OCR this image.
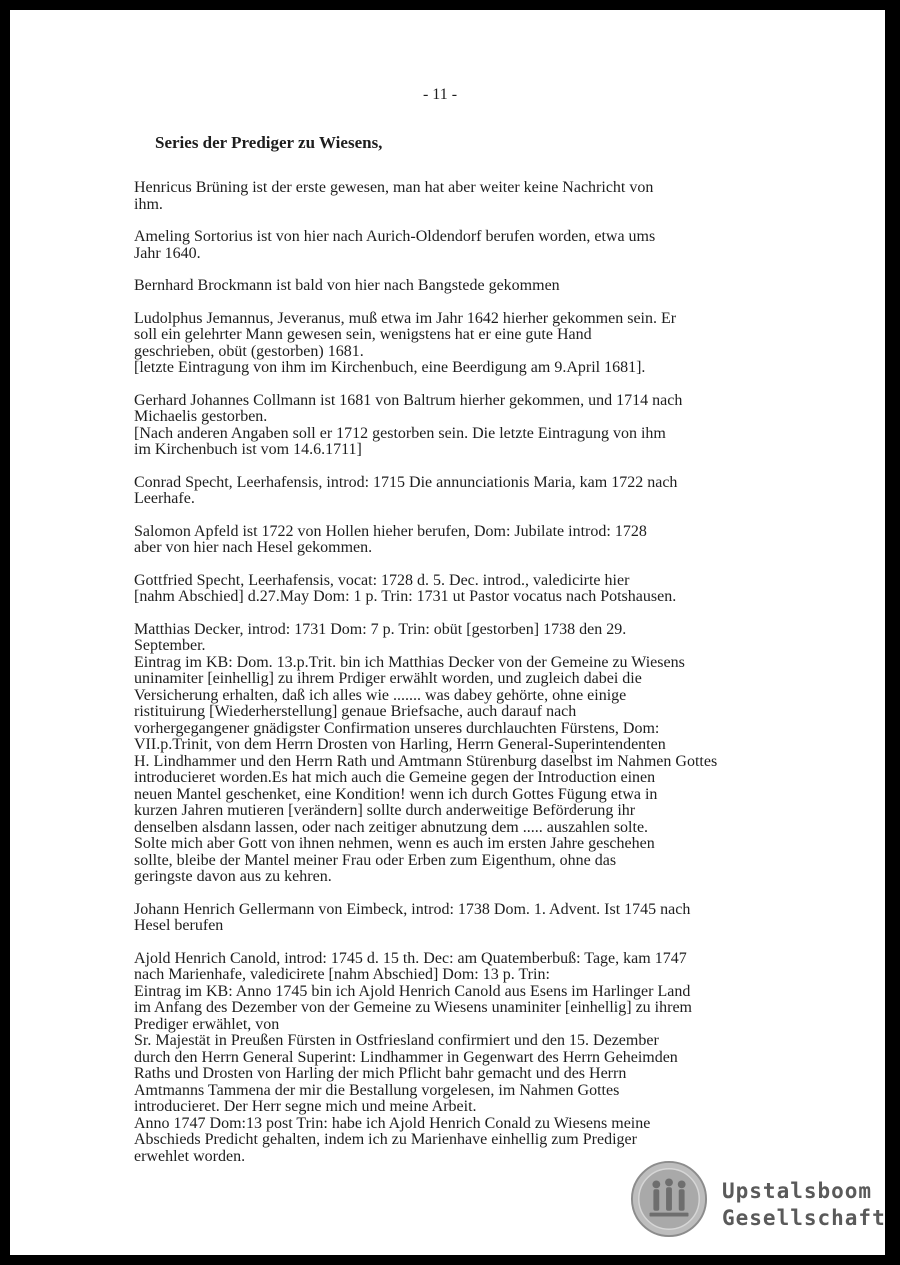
- 11 -
Series der Prediger zu Wiesens,
Henricus Brüning ist der erste gewesen, man hat aber weiter keine Nachricht von
ihm.
Ameling Sortorius ist von hier nach Aurich-Oldendorf berufen worden, etwa ums
Jahr 1640.
Bernhard Brockmann ist bald von hier nach Bangstede gekommen
Ludolphus Jemannus, Jeveranus, muß etwa im Jahr 1642 hierher gekommen sein. Er
soll ein gelehrter Mann gewesen sein, wenigstens hat er eine gute Hand
geschrieben, obüt (gestorben) 1681.
[letzte Eintragung von ihm im Kirchenbuch, eine Beerdigung am 9.April 1681].
Gerhard Johannes Collmann ist 1681 von Baltrum hierher gekommen, und 1714 nach
Michaelis gestorben.
[Nach anderen Angaben soll er 1712 gestorben sein. Die letzte Eintragung von ihm
im Kirchenbuch ist vom 14.6.1711]
Conrad Specht, Leerhafensis, introd: 1715 Die annunciationis Maria, kam 1722 nach
Leerhafe.
Salomon Apfeld ist 1722 von Hollen hieher berufen, Dom: Jubilate introd: 1728
aber von hier nach Hesel gekommen.
Gottfried Specht, Leerhafensis, vocat: 1728 d. 5. Dec. introd., valedicirte hier
[nahm Abschied] d.27.May Dom: 1 p. Trin: 1731 ut Pastor vocatus nach Potshausen.
Matthias Decker, introd: 1731 Dom: 7 p. Trin: obüt [gestorben] 1738 den 29.
September.
Eintrag im KB: Dom. 13.p.Trit. bin ich Matthias Decker von der Gemeine zu Wiesens
uninamiter [einhellig] zu ihrem Prdiger erwählt worden, und zugleich dabei die
Versicherung erhalten, daß ich alles wie ....... was dabey gehörte, ohne einige
ristituirung [Wiederherstellung] genaue Briefsache, auch darauf nach
vorhergegangener gnädigster Confirmation unseres durchlauchten Fürstens, Dom:
VII.p.Trinit, von dem Herrn Drosten von Harling, Herrn General-Superintendenten
H. Lindhammer und den Herrn Rath und Amtmann Stürenburg daselbst im Nahmen Gottes
introducieret worden.Es hat mich auch die Gemeine gegen der Introduction einen
neuen Mantel geschenket, eine Kondition! wenn ich durch Gottes Fügung etwa in
kurzen Jahren mutieren [verändern] sollte durch anderweitige Beförderung ihr
denselben alsdann lassen, oder nach zeitiger abnutzung dem ..... auszahlen solte.
Solte mich aber Gott von ihnen nehmen, wenn es auch im ersten Jahre geschehen
sollte, bleibe der Mantel meiner Frau oder Erben zum Eigenthum, ohne das
geringste davon aus zu kehren.
Johann Henrich Gellermann von Eimbeck, introd: 1738 Dom. 1. Advent. Ist 1745 nach
Hesel berufen
Ajold Henrich Canold, introd: 1745 d. 15 th. Dec: am Quatemberbuß: Tage, kam 1747
nach Marienhafe, valedicirete [nahm Abschied] Dom: 13 p. Trin:
Eintrag im KB: Anno 1745 bin ich Ajold Henrich Canold aus Esens im Harlinger Land
im Anfang des Dezember von der Gemeine zu Wiesens unaminiter [einhellig] zu ihrem
Prediger erwählet, von
Sr. Majestät in Preußen Fürsten in Ostfriesland confirmiert und den 15. Dezember
durch den Herrn General Superint: Lindhammer in Gegenwart des Herrn Geheimden
Raths und Drosten von Harling der mich Pflicht bahr gemacht und des Herrn
Amtmanns Tammena der mir die Bestallung vorgelesen, im Nahmen Gottes
introducieret. Der Herr segne mich und meine Arbeit.
Anno 1747 Dom:13 post Trin: habe ich Ajold Henrich Conald zu Wiesens meine
Abschieds Predicht gehalten, indem ich zu Marienhave einhellig zum Prediger
erwehlet worden.
Upstalsboom
Gesellschaft
